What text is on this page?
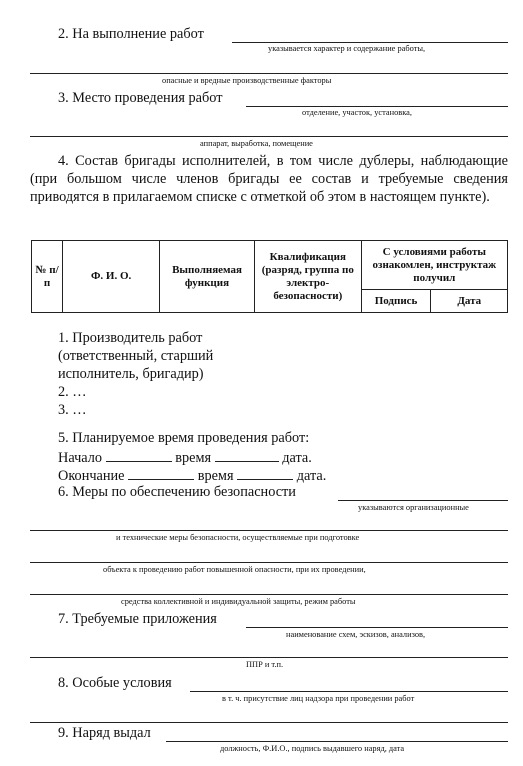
2. На выполнение работ
указывается характер и содержание работы,
опасные и вредные производственные факторы
3. Место проведения работ
отделение, участок, установка,
аппарат, выработка, помещение
4. Состав бригады исполнителей, в том числе дублеры, наблюдающие (при большом числе членов бригады ее состав и требуемые сведения приводятся в прилагаемом списке с отметкой об этом в настоящем пункте).
№ п/п	Ф. И. О.	Выполняемая функция	Квалификация (разряд, группа по электро-безопасности)	С условиями работы ознакомлен, инструктаж получил	
				Подпись	Дата
1. Производитель работ
(ответственный, старший
исполнитель, бригадир)
2. …
3. …
5. Планируемое время проведения работ:
Начало	время	дата.
Окончание	время	дата.
6. Меры по обеспечению безопасности
указываются организационные
и технические меры безопасности, осуществляемые при подготовке
объекта к проведению работ повышенной опасности, при их проведении,
средства коллективной и индивидуальной защиты, режим работы
7. Требуемые приложения
наименование схем, эскизов, анализов,
ППР и т.п.
8. Особые условия
в т. ч. присутствие лиц надзора при проведении работ
9. Наряд выдал
должность, Ф.И.О., подпись выдавшего наряд, дата
